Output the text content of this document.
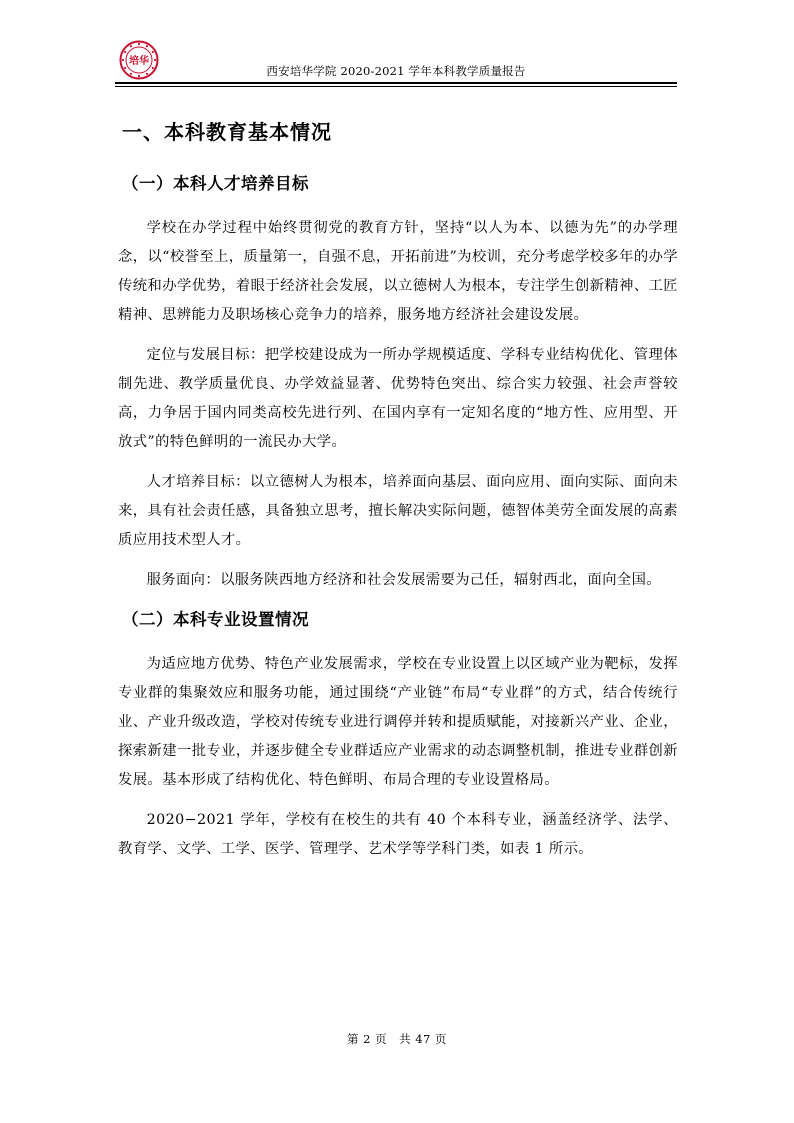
培华
西安培华学院 2020-2021 学年本科教学质量报告
一、本科教育基本情况
（一）本科人才培养目标

学校在办学过程中始终贯彻党的教育方针，坚持“以人为本、以德为先”的办学理念，以“校誉至上，质量第一，自强不息，开拓前进”为校训，充分考虑学校多年的办学传统和办学优势，着眼于经济社会发展，以立德树人为根本，专注学生创新精神、工匠精神、思辨能力及职场核心竞争力的培养，服务地方经济社会建设发展。

定位与发展目标：把学校建设成为一所办学规模适度、学科专业结构优化、管理体制先进、教学质量优良、办学效益显著、优势特色突出、综合实力较强、社会声誉较高，力争居于国内同类高校先进行列、在国内享有一定知名度的“地方性、应用型、开放式”的特色鲜明的一流民办大学。

人才培养目标：以立德树人为根本，培养面向基层、面向应用、面向实际、面向未来，具有社会责任感，具备独立思考，擅长解决实际问题，德智体美劳全面发展的高素质应用技术型人才。

服务面向：以服务陕西地方经济和社会发展需要为己任，辐射西北，面向全国。

（二）本科专业设置情况

为适应地方优势、特色产业发展需求，学校在专业设置上以区域产业为靶标，发挥专业群的集聚效应和服务功能，通过围绕“产业链”布局“专业群”的方式，结合传统行业、产业升级改造，学校对传统专业进行调停并转和提质赋能，对接新兴产业、企业，探索新建一批专业，并逐步健全专业群适应产业需求的动态调整机制，推进专业群创新发展。基本形成了结构优化、特色鲜明、布局合理的专业设置格局。

2020−2021 学年，学校有在校生的共有 40 个本科专业，涵盖经济学、法学、教育学、文学、工学、医学、管理学、艺术学等学科门类，如表 1 所示。

第 2 页　共 47 页
